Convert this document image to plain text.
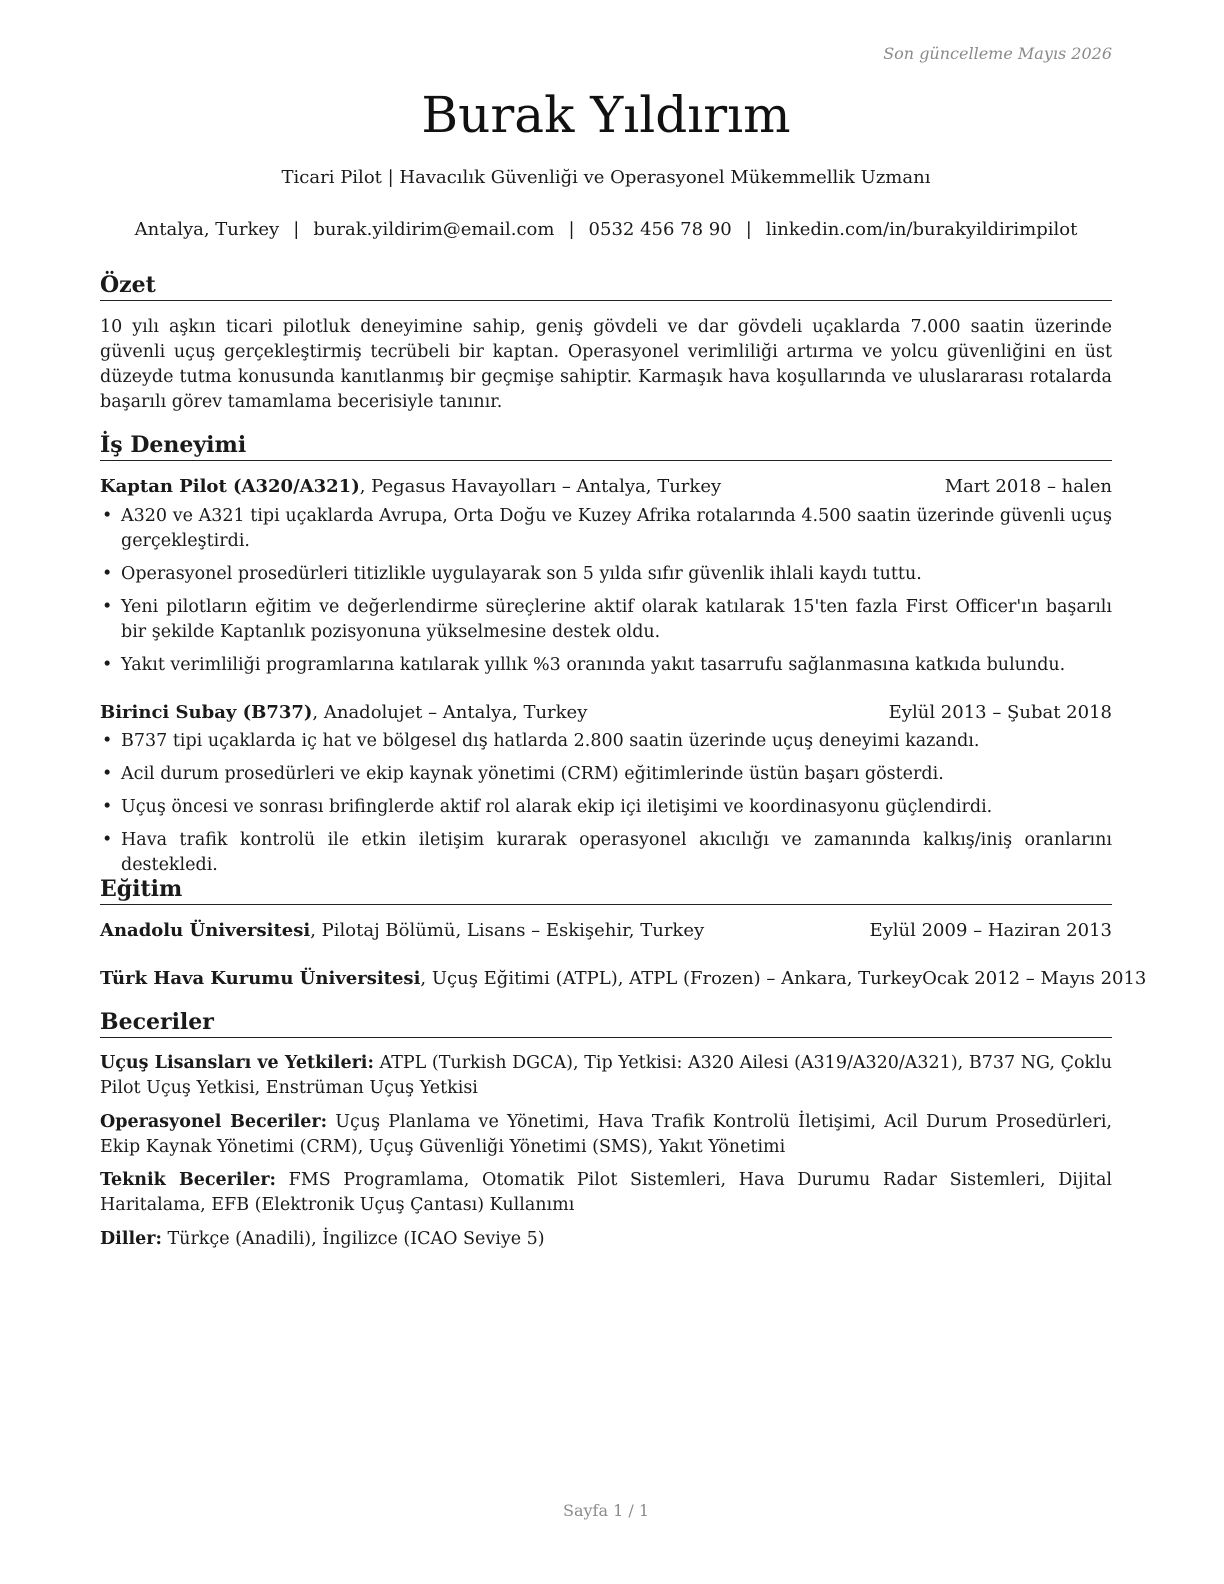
Son güncelleme Mayıs 2026
Burak Yıldırım
Ticari Pilot | Havacılık Güvenliği ve Operasyonel Mükemmellik Uzmanı
Antalya, Turkey | burak.yildirim@email.com | 0532 456 78 90 | linkedin.com/in/burakyildirimpilot
Özet
10 yılı aşkın ticari pilotluk deneyimine sahip, geniş gövdeli ve dar gövdeli uçaklarda 7.000 saatin üzerinde güvenli uçuş gerçekleştirmiş tecrübeli bir kaptan. Operasyonel verimliliği artırma ve yolcu güvenliğini en üst düzeyde tutma konusunda kanıtlanmış bir geçmişe sahiptir. Karmaşık hava koşullarında ve uluslararası rotalarda başarılı görev tamamlama becerisiyle tanınır.
İş Deneyimi
Kaptan Pilot (A320/A321), Pegasus Havayolları – Antalya, Turkey	Mart 2018 – halen
• A320 ve A321 tipi uçaklarda Avrupa, Orta Doğu ve Kuzey Afrika rotalarında 4.500 saatin üzerinde güvenli uçuş gerçekleştirdi.
• Operasyonel prosedürleri titizlikle uygulayarak son 5 yılda sıfır güvenlik ihlali kaydı tuttu.
• Yeni pilotların eğitim ve değerlendirme süreçlerine aktif olarak katılarak 15'ten fazla First Officer'ın başarılı bir şekilde Kaptanlık pozisyonuna yükselmesine destek oldu.
• Yakıt verimliliği programlarına katılarak yıllık %3 oranında yakıt tasarrufu sağlanmasına katkıda bulundu.
Birinci Subay (B737), Anadolujet – Antalya, Turkey	Eylül 2013 – Şubat 2018
• B737 tipi uçaklarda iç hat ve bölgesel dış hatlarda 2.800 saatin üzerinde uçuş deneyimi kazandı.
• Acil durum prosedürleri ve ekip kaynak yönetimi (CRM) eğitimlerinde üstün başarı gösterdi.
• Uçuş öncesi ve sonrası brifinglerde aktif rol alarak ekip içi iletişimi ve koordinasyonu güçlendirdi.
• Hava trafik kontrolü ile etkin iletişim kurarak operasyonel akıcılığı ve zamanında kalkış/iniş oranlarını destekledi.
Eğitim
Anadolu Üniversitesi, Pilotaj Bölümü, Lisans – Eskişehir, Turkey	Eylül 2009 – Haziran 2013
Türk Hava Kurumu Üniversitesi, Uçuş Eğitimi (ATPL), ATPL (Frozen) – Ankara, Turkey Ocak 2012 – Mayıs 2013
Beceriler
Uçuş Lisansları ve Yetkileri: ATPL (Turkish DGCA), Tip Yetkisi: A320 Ailesi (A319/A320/A321), B737 NG, Çoklu Pilot Uçuş Yetkisi, Enstrüman Uçuş Yetkisi
Operasyonel Beceriler: Uçuş Planlama ve Yönetimi, Hava Trafik Kontrolü İletişimi, Acil Durum Prosedürleri, Ekip Kaynak Yönetimi (CRM), Uçuş Güvenliği Yönetimi (SMS), Yakıt Yönetimi
Teknik Beceriler: FMS Programlama, Otomatik Pilot Sistemleri, Hava Durumu Radar Sistemleri, Dijital Haritalama, EFB (Elektronik Uçuş Çantası) Kullanımı
Diller: Türkçe (Anadili), İngilizce (ICAO Seviye 5)
Sayfa 1 / 1
